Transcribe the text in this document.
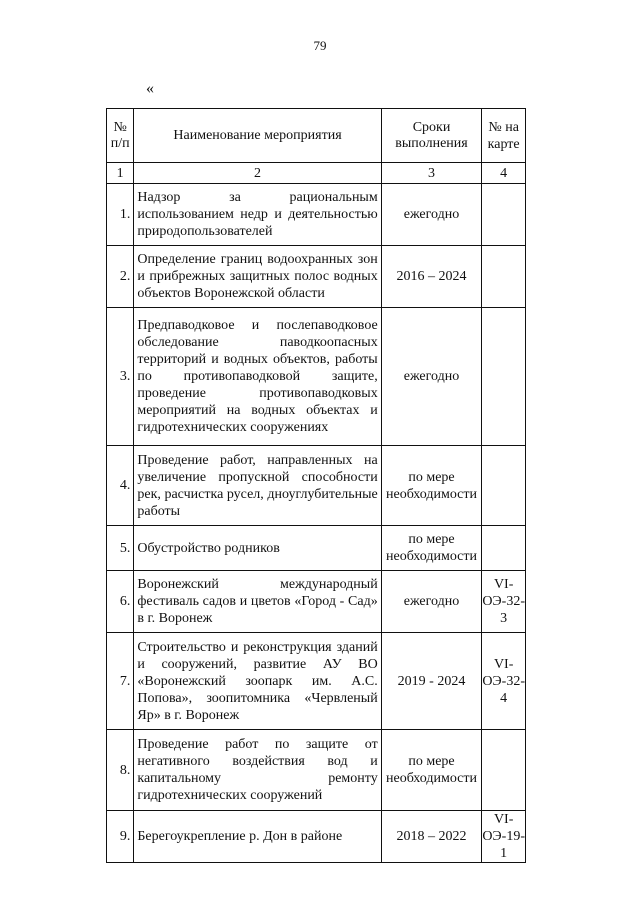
79
«
№ п/п	Наименование мероприятия	Сроки выполнения	№ на карте
1	2	3	4
1.	Надзор за рациональным использованием недр и деятельностью природопользователей	ежегодно	
2.	Определение границ водоохранных зон и прибрежных защитных полос водных объектов Воронежской области	2016 – 2024	
3.	Предпаводковое и послепаводковое обследование паводкоопасных территорий и водных объектов, работы по противопаводковой защите, проведение противопаводковых мероприятий на водных объектах и гидротехнических сооружениях	ежегодно	
4.	Проведение работ, направленных на увеличение пропускной способности рек, расчистка русел, дноуглубительные работы	по мере необходимости	
5.	Обустройство родников	по мере необходимости	
6.	Воронежский международный фестиваль садов и цветов «Город - Сад» в г. Воронеж	ежегодно	VI-ОЭ-32-3
7.	Строительство и реконструкция зданий и сооружений, развитие АУ ВО «Воронежский зоопарк им. А.С. Попова», зоопитомника «Червленый Яр» в г. Воронеж	2019 - 2024	VI-ОЭ-32-4
8.	Проведение работ по защите от негативного воздействия вод и капитальному ремонту гидротехнических сооружений	по мере необходимости	
9.	Берегоукрепление р. Дон в районе	2018 – 2022	VI-ОЭ-19-1
